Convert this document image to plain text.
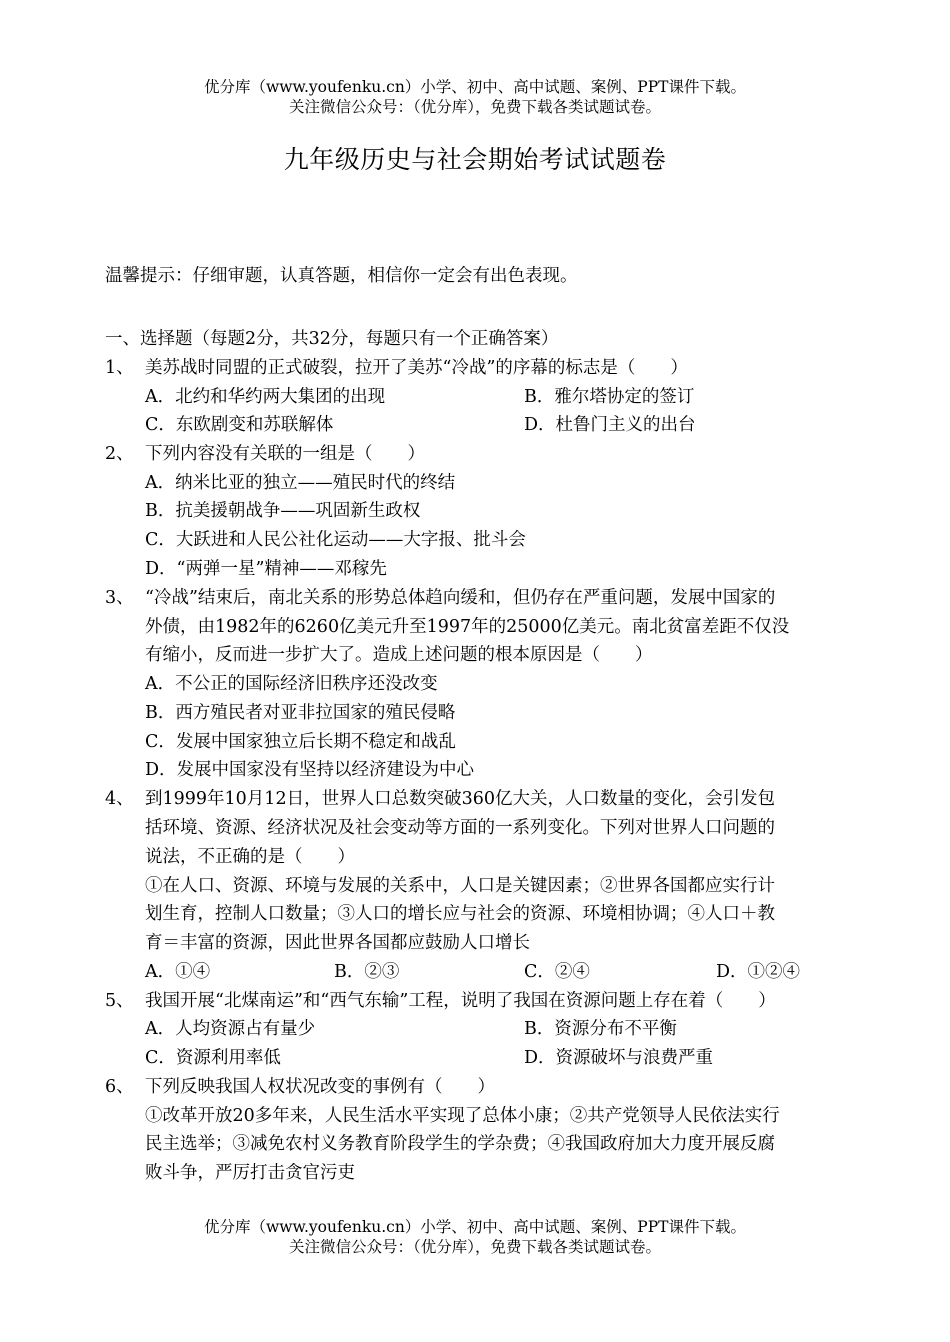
优分库（www.youfenku.cn）小学、初中、高中试题、案例、PPT课件下载。
关注微信公众号：（优分库），免费下载各类试题试卷。
九年级历史与社会期始考试试题卷
温馨提示：仔细审题，认真答题，相信你一定会有出色表现。
一、选择题（每题2分，共32分，每题只有一个正确答案）
1、 美苏战时同盟的正式破裂，拉开了美苏“冷战”的序幕的标志是（　　）
A．北约和华约两大集团的出现	B．雅尔塔协定的签订
C．东欧剧变和苏联解体	D．杜鲁门主义的出台
2、 下列内容没有关联的一组是（　　）
A．纳米比亚的独立——殖民时代的终结
B．抗美援朝战争——巩固新生政权
C．大跃进和人民公社化运动——大字报、批斗会
D．“两弹一星”精神——邓稼先
3、 “冷战”结束后，南北关系的形势总体趋向缓和，但仍存在严重问题，发展中国家的
外债，由1982年的6260亿美元升至1997年的25000亿美元。南北贫富差距不仅没
有缩小，反而进一步扩大了。造成上述问题的根本原因是（　　）
A．不公正的国际经济旧秩序还没改变
B．西方殖民者对亚非拉国家的殖民侵略
C．发展中国家独立后长期不稳定和战乱
D．发展中国家没有坚持以经济建设为中心
4、 到1999年10月12日，世界人口总数突破360亿大关，人口数量的变化，会引发包
括环境、资源、经济状况及社会变动等方面的一系列变化。下列对世界人口问题的
说法，不正确的是（　　）
①在人口、资源、环境与发展的关系中，人口是关键因素；②世界各国都应实行计
划生育，控制人口数量；③人口的增长应与社会的资源、环境相协调；④人口＋教
育＝丰富的资源，因此世界各国都应鼓励人口增长
A．①④	B．②③	C．②④	D．①②④
5、 我国开展“北煤南运”和“西气东输”工程，说明了我国在资源问题上存在着（　　）
A．人均资源占有量少	B．资源分布不平衡
C．资源利用率低	D．资源破坏与浪费严重
6、 下列反映我国人权状况改变的事例有（　　）
①改革开放20多年来，人民生活水平实现了总体小康；②共产党领导人民依法实行
民主选举；③减免农村义务教育阶段学生的学杂费；④我国政府加大力度开展反腐
败斗争，严厉打击贪官污吏
优分库（www.youfenku.cn）小学、初中、高中试题、案例、PPT课件下载。
关注微信公众号：（优分库），免费下载各类试题试卷。
